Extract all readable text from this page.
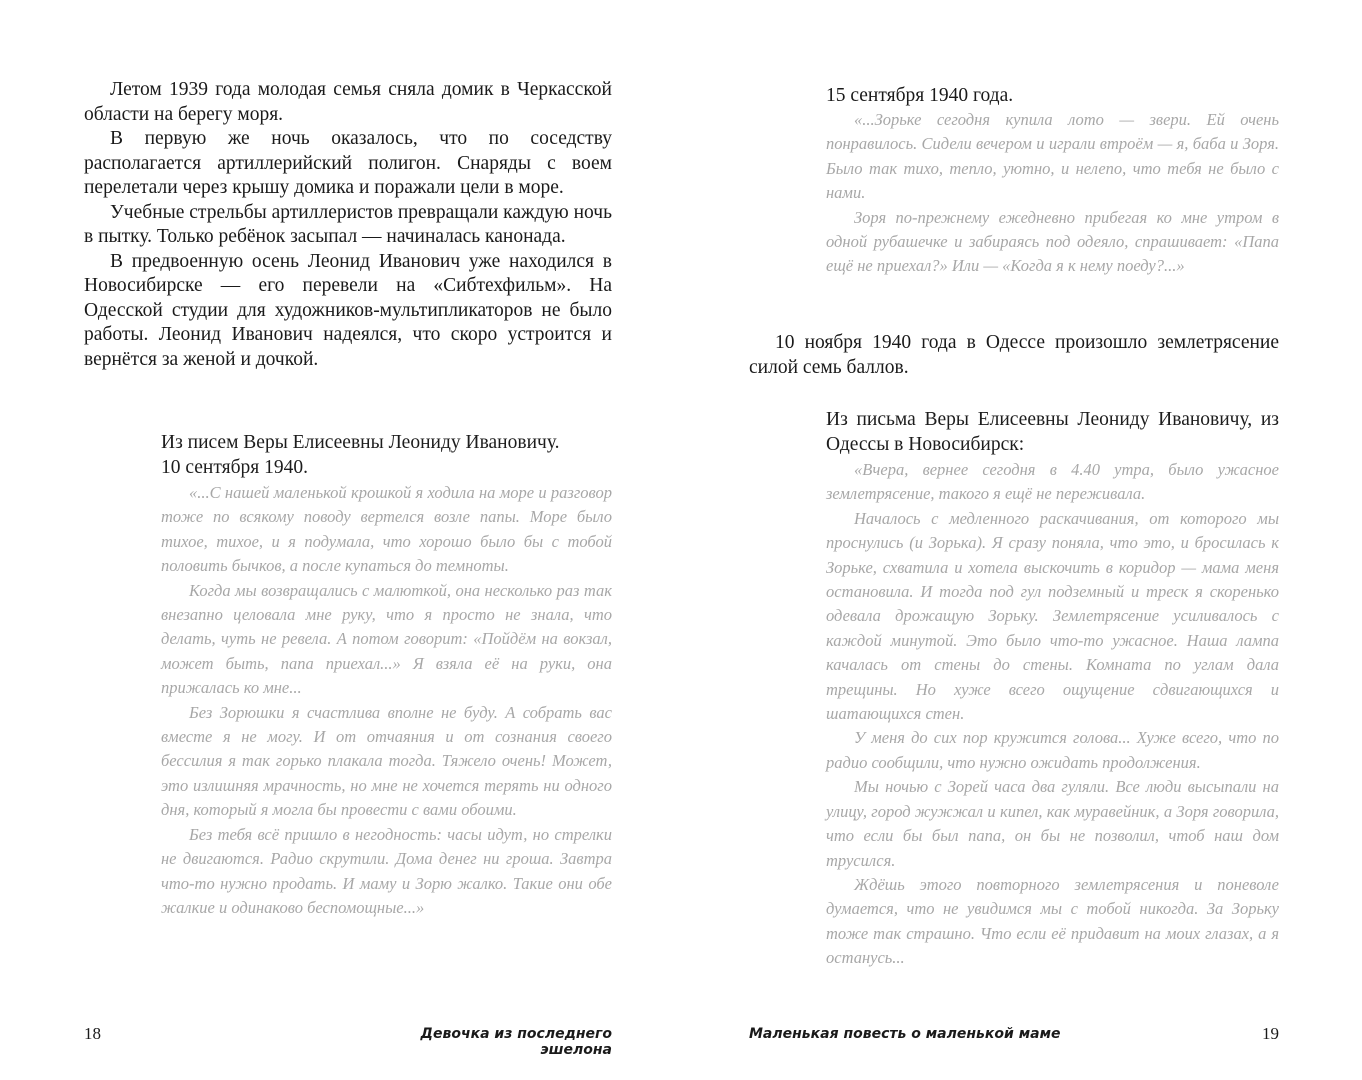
Летом 1939 года молодая семья сняла домик в Черкасской области на берегу моря.

В первую же ночь оказалось, что по соседству располагается артиллерийский полигон. Снаряды с воем перелетали через крышу домика и поражали цели в море.

Учебные стрельбы артиллеристов превращали каждую ночь в пытку. Только ребёнок засыпал — начиналась канонада.

В предвоенную осень Леонид Иванович уже находился в Новосибирске — его перевели на «Сибтехфильм». На Одесской студии для художников-мультипликаторов не было работы. Леонид Иванович надеялся, что скоро устроится и вернётся за женой и дочкой.

Из писем Веры Елисеевны Леониду Ивановичу.
10 сентября 1940.

«...С нашей маленькой крошкой я ходила на море и разговор тоже по всякому поводу вертелся возле папы. Море было тихое, тихое, и я подумала, что хорошо было бы с тобой половить бычков, а после купаться до темноты.

Когда мы возвращались с малюткой, она несколько раз так внезапно целовала мне руку, что я просто не знала, что делать, чуть не ревела. А потом говорит: «Пойдём на вокзал, может быть, папа приехал...» Я взяла её на руки, она прижалась ко мне...

Без Зорюшки я счастлива вполне не буду. А собрать вас вместе я не могу. И от отчаяния и от сознания своего бессилия я так горько плакала тогда. Тяжело очень! Может, это излишняя мрачность, но мне не хочется терять ни одного дня, который я могла бы провести с вами обоими.

Без тебя всё пришло в негодность: часы идут, но стрелки не двигаются. Радио скрутили. Дома денег ни гроша. Завтра что-то нужно продать. И маму и Зорю жалко. Такие они обе жалкие и одинаково беспомощные...»

18	Девочка из последнего эшелона
15 сентября 1940 года.

«...Зорьке сегодня купила лото — звери. Ей очень понравилось. Сидели вечером и играли втроём — я, баба и Зоря. Было так тихо, тепло, уютно, и нелепо, что тебя не было с нами.

Зоря по-прежнему ежедневно прибегая ко мне утром в одной рубашечке и забираясь под одеяло, спрашивает: «Папа ещё не приехал?» Или — «Когда я к нему поеду?...»

10 ноября 1940 года в Одессе произошло землетрясение силой семь баллов.

Из письма Веры Елисеевны Леониду Ивановичу, из Одессы в Новосибирск:

«Вчера, вернее сегодня в 4.40 утра, было ужасное землетрясение, такого я ещё не переживала.

Началось с медленного раскачивания, от которого мы проснулись (и Зорька). Я сразу поняла, что это, и бросилась к Зорьке, схватила и хотела выскочить в коридор — мама меня остановила. И тогда под гул подземный и треск я скоренько одевала дрожащую Зорьку. Землетрясение усиливалось с каждой минутой. Это было что-то ужасное. Наша лампа качалась от стены до стены. Комната по углам дала трещины. Но хуже всего ощущение сдвигающихся и шатающихся стен.

У меня до сих пор кружится голова... Хуже всего, что по радио сообщили, что нужно ожидать продолжения.

Мы ночью с Зорей часа два гуляли. Все люди высыпали на улицу, город жужжал и кипел, как муравейник, а Зоря говорила, что если бы был папа, он бы не позволил, чтоб наш дом трусился.

Ждёшь этого повторного землетрясения и поневоле думается, что не увидимся мы с тобой никогда. За Зорьку тоже так страшно. Что если её придавит на моих глазах, а я останусь...

Маленькая повесть о маленькой маме	19
